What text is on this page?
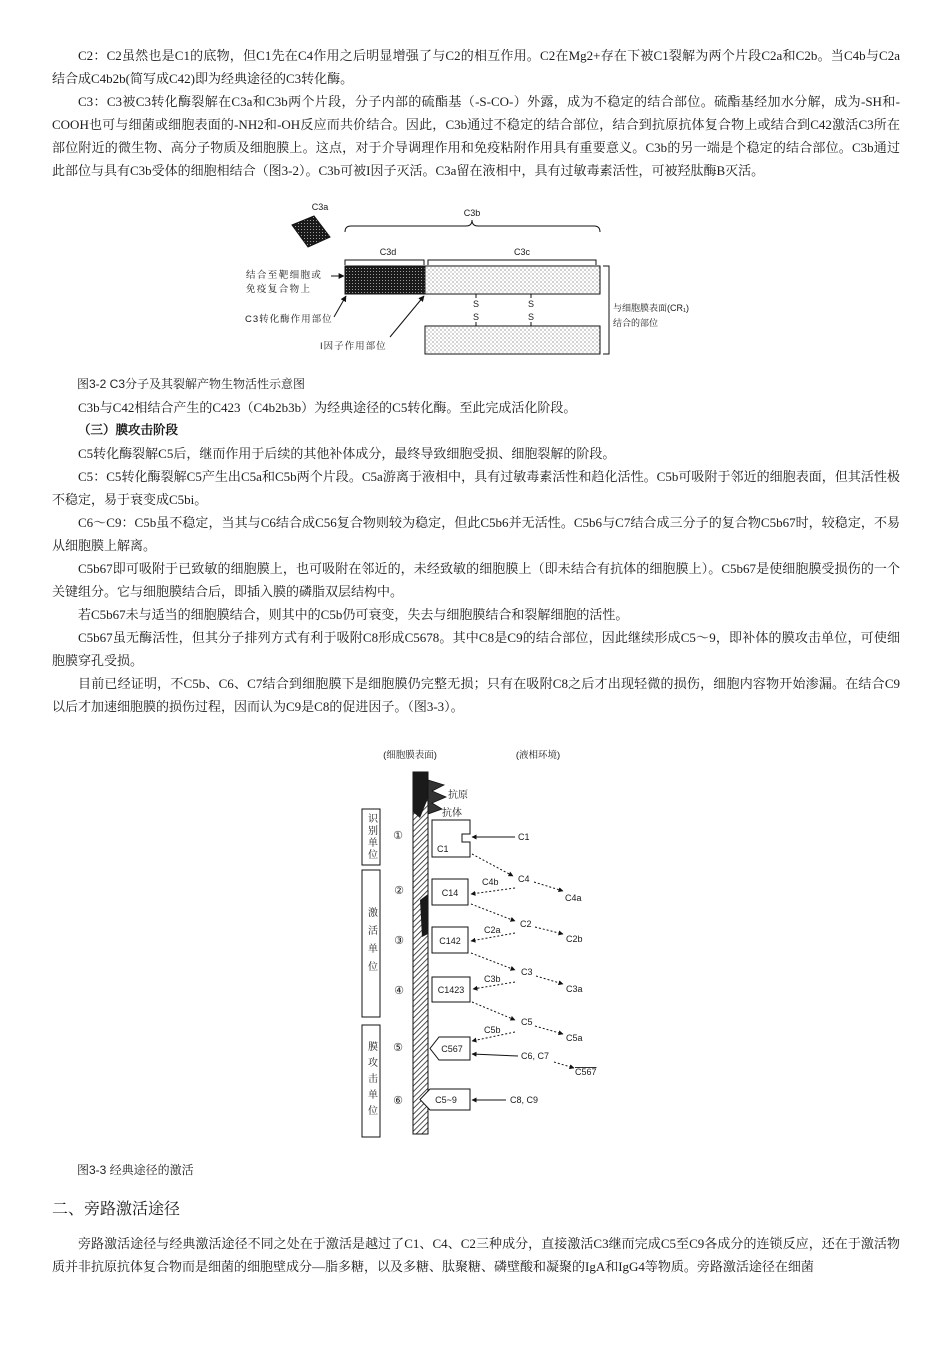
C2：C2虽然也是C1的底物，但C1先在C4作用之后明显增强了与C2的相互作用。C2在Mg2+存在下被C1裂解为两个片段C2a和C2b。当C4b与C2a结合成C4b2b(简写成C42)即为经典途径的C3转化酶。

C3：C3被C3转化酶裂解在C3a和C3b两个片段，分子内部的硫酯基（-S-CO-）外露，成为不稳定的结合部位。硫酯基经加水分解，成为-SH和-COOH也可与细菌或细胞表面的-NH2和-OH反应而共价结合。因此，C3b通过不稳定的结合部位，结合到抗原抗体复合物上或结合到C42激活C3所在部位附近的微生物、高分子物质及细胞膜上。这点，对于介导调理作用和免疫粘附作用具有重要意义。C3b的另一端是个稳定的结合部位。C3b通过此部位与具有C3b受体的细胞相结合（图3-2）。C3b可被I因子灭活。C3a留在液相中，具有过敏毒素活性，可被羟肽酶B灭活。

C3a
C3b
C3d	C3c
S
S
S
S
与细胞膜表面(CR₁)
结合的部位
结合至靶细胞或
免疫复合物上
C3转化酶作用部位
I因子作用部位

图3-2 C3分子及其裂解产物生物活性示意图

C3b与C42相结合产生的C423（C4b2b3b）为经典途径的C5转化酶。至此完成活化阶段。

（三）膜攻击阶段

C5转化酶裂解C5后，继而作用于后续的其他补体成分，最终导致细胞受损、细胞裂解的阶段。

C5：C5转化酶裂解C5产生出C5a和C5b两个片段。C5a游离于液相中，具有过敏毒素活性和趋化活性。C5b可吸附于邻近的细胞表面，但其活性极不稳定，易于衰变成C5bi。

C6～C9：C5b虽不稳定，当其与C6结合成C56复合物则较为稳定，但此C5b6并无活性。C5b6与C7结合成三分子的复合物C5b67时，较稳定，不易从细胞膜上解离。

C5b67即可吸附于已致敏的细胞膜上，也可吸附在邻近的，未经致敏的细胞膜上（即未结合有抗体的细胞膜上）。C5b67是使细胞膜受损伤的一个关键组分。它与细胞膜结合后，即插入膜的磷脂双层结构中。

若C5b67未与适当的细胞膜结合，则其中的C5b仍可衰变，失去与细胞膜结合和裂解细胞的活性。

C5b67虽无酶活性，但其分子排列方式有利于吸附C8形成C5678。其中C8是C9的结合部位，因此继续形成C5～9，即补体的膜攻击单位，可使细胞膜穿孔受损。

目前已经证明，不C5b、C6、C7结合到细胞膜下是细胞膜仍完整无损；只有在吸附C8之后才出现轻微的损伤，细胞内容物开始渗漏。在结合C9以后才加速细胞膜的损伤过程，因而认为C9是C8的促进因子。（图3-3）。

(细胞膜表面)	(液相环境)
抗原
抗体
识别单位
激活单位
膜攻击单位
①
②
③
④
⑤
⑥
C1
C1
C14
C4
C4a
C4b
C142
C2
C2b
C2a
C1423
C3
C3a
C3b
C567
C5
C5a
C5b
C6, C7
C567
C5~9	C8, C9

图3-3 经典途径的激活

二、旁路激活途径

旁路激活途径与经典激活途径不同之处在于激活是越过了C1、C4、C2三种成分，直接激活C3继而完成C5至C9各成分的连锁反应，还在于激活物质并非抗原抗体复合物而是细菌的细胞壁成分—脂多糖，以及多糖、肽聚糖、磷壁酸和凝聚的IgA和IgG4等物质。旁路激活途径在细菌
